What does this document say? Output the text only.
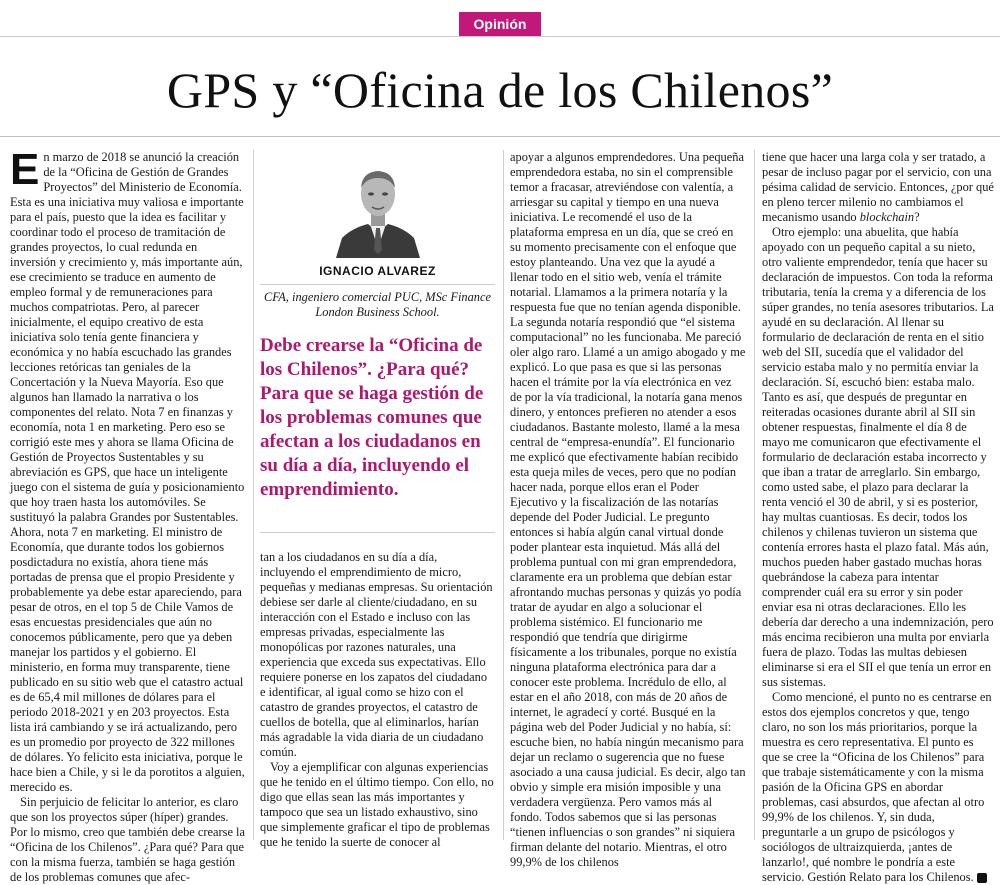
Opinión
GPS y “Oficina de los Chilenos”

En marzo de 2018 se anunció la creación de la “Oficina de Gestión de Grandes Proyectos” del Ministerio de Economía. Esta es una iniciativa muy valiosa e importante para el país, puesto que la idea es facilitar y coordinar todo el proceso de tramitación de grandes proyectos, lo cual redunda en inversión y crecimiento y, más importante aún, ese crecimiento se traduce en aumento de empleo formal y de remuneraciones para muchos compatriotas. Pero, al parecer inicialmente, el equipo creativo de esta iniciativa solo tenía gente financiera y económica y no había escuchado las grandes lecciones retóricas tan geniales de la Concertación y la Nueva Mayoría. Eso que algunos han llamado la narrativa o los componentes del relato. Nota 7 en finanzas y economía, nota 1 en marketing. Pero eso se corrigió este mes y ahora se llama Oficina de Gestión de Proyectos Sustentables y su abreviación es GPS, que hace un inteligente juego con el sistema de guía y posicionamiento que hoy traen hasta los automóviles. Se sustituyó la palabra Grandes por Sustentables. Ahora, nota 7 en marketing. El ministro de Economía, que durante todos los gobiernos posdictadura no existía, ahora tiene más portadas de prensa que el propio Presidente y probablemente ya debe estar apareciendo, para pesar de otros, en el top 5 de Chile Vamos de esas encuestas presidenciales que aún no conocemos públicamente, pero que ya deben manejar los partidos y el gobierno. El ministerio, en forma muy transparente, tiene publicado en su sitio web que el catastro actual es de 65,4 mil millones de dólares para el periodo 2018-2021 y en 203 proyectos. Esta lista irá cambiando y se irá actualizando, pero es un promedio por proyecto de 322 millones de dólares. Yo felicito esta iniciativa, porque le hace bien a Chile, y si le da porotitos a alguien, merecido es.

Sin perjuicio de felicitar lo anterior, es claro que son los proyectos súper (híper) grandes. Por lo mismo, creo que también debe crearse la “Oficina de los Chilenos”. ¿Para qué? Para que con la misma fuerza, también se haga gestión de los problemas comunes que afec-

IGNACIO ALVAREZ
CFA, ingeniero comercial PUC, MSc Finance London Business School.
Debe crearse la “Oficina de los Chilenos”. ¿Para qué? Para que se haga gestión de los problemas comunes que afectan a los ciudadanos en su día a día, incluyendo el emprendimiento.

tan a los ciudadanos en su día a día, incluyendo el emprendimiento de micro, pequeñas y medianas empresas. Su orientación debiese ser darle al cliente/ciudadano, en su interacción con el Estado e incluso con las empresas privadas, especialmente las monopólicas por razones naturales, una experiencia que exceda sus expectativas. Ello requiere ponerse en los zapatos del ciudadano e identificar, al igual como se hizo con el catastro de grandes proyectos, el catastro de cuellos de botella, que al eliminarlos, harían más agradable la vida diaria de un ciudadano común.

Voy a ejemplificar con algunas experiencias que he tenido en el último tiempo. Con ello, no digo que ellas sean las más importantes y tampoco que sea un listado exhaustivo, sino que simplemente graficar el tipo de problemas que he tenido la suerte de conocer al

apoyar a algunos emprendedores. Una pequeña emprendedora estaba, no sin el comprensible temor a fracasar, atreviéndose con valentía, a arriesgar su capital y tiempo en una nueva iniciativa. Le recomendé el uso de la plataforma empresa en un día, que se creó en su momento precisamente con el enfoque que estoy planteando. Una vez que la ayudé a llenar todo en el sitio web, venía el trámite notarial. Llamamos a la primera notaría y la respuesta fue que no tenían agenda disponible. La segunda notaría respondió que “el sistema computacional” no les funcionaba. Me pareció oler algo raro. Llamé a un amigo abogado y me explicó. Lo que pasa es que si las personas hacen el trámite por la vía electrónica en vez de por la vía tradicional, la notaría gana menos dinero, y entonces prefieren no atender a esos ciudadanos. Bastante molesto, llamé a la mesa central de “empresa-enundía”. El funcionario me explicó que efectivamente habían recibido esta queja miles de veces, pero que no podían hacer nada, porque ellos eran el Poder Ejecutivo y la fiscalización de las notarías depende del Poder Judicial. Le pregunto entonces si había algún canal virtual donde poder plantear esta inquietud. Más allá del problema puntual con mi gran emprendedora, claramente era un problema que debían estar afrontando muchas personas y quizás yo podía tratar de ayudar en algo a solucionar el problema sistémico. El funcionario me respondió que tendría que dirigirme físicamente a los tribunales, porque no existía ninguna plataforma electrónica para dar a conocer este problema. Incrédulo de ello, al estar en el año 2018, con más de 20 años de internet, le agradecí y corté. Busqué en la página web del Poder Judicial y no había, sí: escuche bien, no había ningún mecanismo para dejar un reclamo o sugerencia que no fuese asociado a una causa judicial. Es decir, algo tan obvio y simple era misión imposible y una verdadera vergüenza. Pero vamos más al fondo. Todos sabemos que si las personas “tienen influencias o son grandes” ni siquiera firman delante del notario. Mientras, el otro 99,9% de los chilenos

tiene que hacer una larga cola y ser tratado, a pesar de incluso pagar por el servicio, con una pésima calidad de servicio. Entonces, ¿por qué en pleno tercer milenio no cambiamos el mecanismo usando blockchain?

Otro ejemplo: una abuelita, que había apoyado con un pequeño capital a su nieto, otro valiente emprendedor, tenía que hacer su declaración de impuestos. Con toda la reforma tributaria, tenía la crema y a diferencia de los súper grandes, no tenía asesores tributarios. La ayudé en su declaración. Al llenar su formulario de declaración de renta en el sitio web del SII, sucedía que el validador del servicio estaba malo y no permitía enviar la declaración. Sí, escuchó bien: estaba malo. Tanto es así, que después de preguntar en reiteradas ocasiones durante abril al SII sin obtener respuestas, finalmente el día 8 de mayo me comunicaron que efectivamente el formulario de declaración estaba incorrecto y que iban a tratar de arreglarlo. Sin embargo, como usted sabe, el plazo para declarar la renta venció el 30 de abril, y si es posterior, hay multas cuantiosas. Es decir, todos los chilenos y chilenas tuvieron un sistema que contenía errores hasta el plazo fatal. Más aún, muchos pueden haber gastado muchas horas quebrándose la cabeza para intentar comprender cuál era su error y sin poder enviar esa ni otras declaraciones. Ello les debería dar derecho a una indemnización, pero más encima recibieron una multa por enviarla fuera de plazo. Todas las multas debiesen eliminarse si era el SII el que tenía un error en sus sistemas.

Como mencioné, el punto no es centrarse en estos dos ejemplos concretos y que, tengo claro, no son los más prioritarios, porque la muestra es cero representativa. El punto es que se cree la “Oficina de los Chilenos” para que trabaje sistemáticamente y con la misma pasión de la Oficina GPS en abordar problemas, casi absurdos, que afectan al otro 99,9% de los chilenos. Y, sin duda, preguntarle a un grupo de psicólogos y sociólogos de ultraizquierda, ¡antes de lanzarlo!, qué nombre le pondría a este servicio. Gestión Relato para los Chilenos.
